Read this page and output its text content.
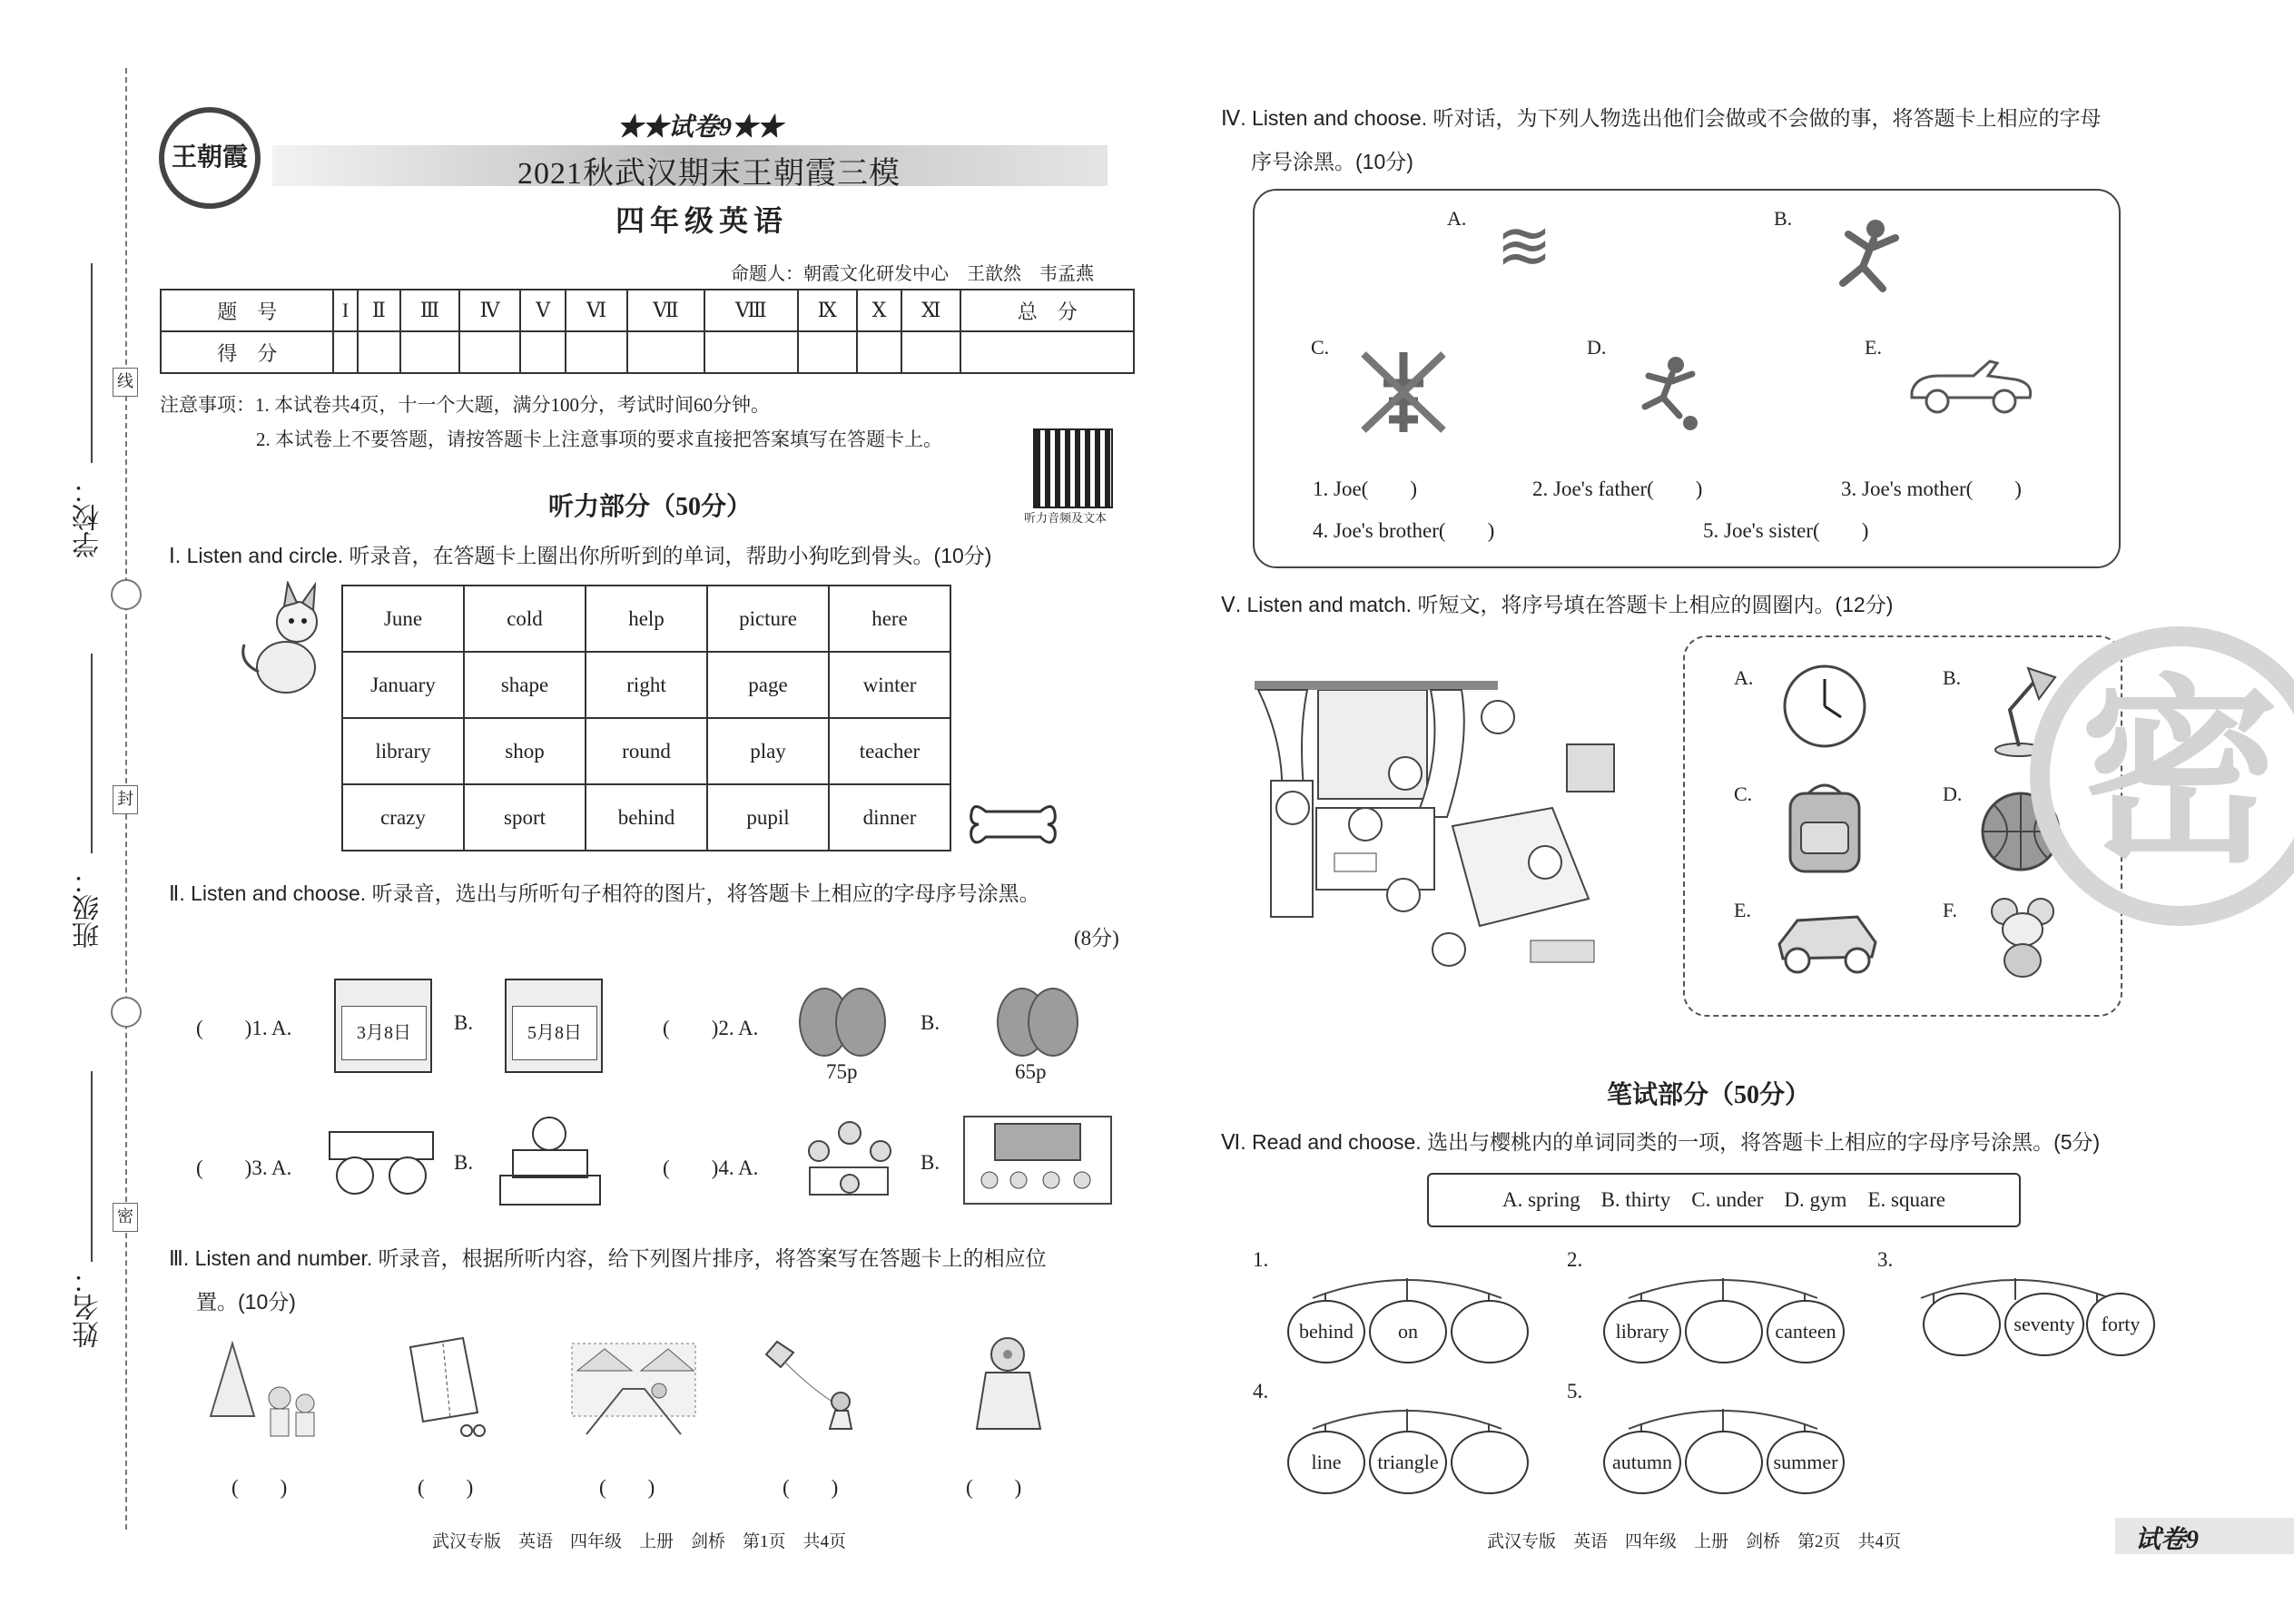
学校：
班级：
姓名：
线
封
密
王朝霞
★★试卷9★★
2021秋武汉期末王朝霞三模
四年级英语
命题人：朝霞文化研发中心　王歆然　韦孟燕
题　号	I	Ⅱ	Ⅲ	Ⅳ	Ⅴ	Ⅵ	Ⅶ	Ⅷ	Ⅸ	Ⅹ	Ⅺ	总　分
得　分												
注意事项：1. 本试卷共4页，十一个大题，满分100分，考试时间60分钟。
2. 本试卷上不要答题，请按答题卡上注意事项的要求直接把答案填写在答题卡上。
听力音频及文本
听力部分（50分）
Ⅰ. Listen and circle. 听录音，在答题卡上圈出你所听到的单词，帮助小狗吃到骨头。(10分)
June	cold	help	picture	here
January	shape	right	page	winter
library	shop	round	play	teacher
crazy	sport	behind	pupil	dinner
Ⅱ. Listen and choose. 听录音，选出与所听句子相符的图片，将答题卡上相应的字母序号涂黑。
(8分)
(　　)1. A.	3月8日	B.	5月8日	(　　)2. A.
75p
B.
65p
(　　)3. A.	B.	(　　)4. A.	B.
Ⅲ. Listen and number. 听录音，根据所听内容，给下列图片排序，将答案写在答题卡上的相应位
置。(10分)
(　　)	(　　)	(　　)	(　　)	(　　)
武汉专版　英语　四年级　上册　剑桥　第1页　共4页
Ⅳ. Listen and choose. 听对话，为下列人物选出他们会做或不会做的事，将答题卡上相应的字母
序号涂黑。(10分)
A. ≋	B.
C.	D.	E.
1. Joe(　　)	2. Joe's father(　　)	3. Joe's mother(　　)
4. Joe's brother(　　)	5. Joe's sister(　　)
Ⅴ. Listen and match. 听短文，将序号填在答题卡上相应的圆圈内。(12分)
A.	B.
C.	D.
E.	F.
密
笔试部分（50分）
Ⅵ. Read and choose. 选出与樱桃内的单词同类的一项，将答题卡上相应的字母序号涂黑。(5分)
A. spring　B. thirty　C. under　D. gym　E. square
1.	2.	3.
4.	5.
behind	on	library	canteen	seventy	forty
line	triangle	autumn	summer
武汉专版　英语　四年级　上册　剑桥　第2页　共4页	试卷9
